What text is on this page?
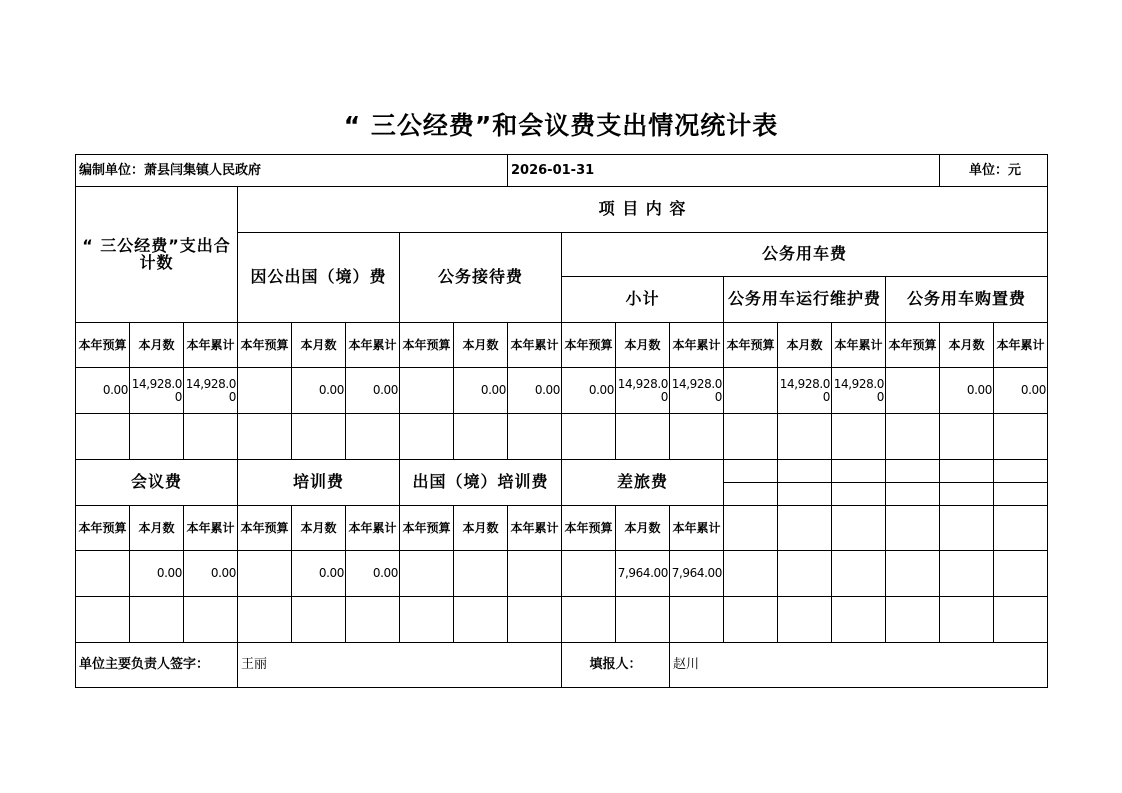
“ 三公经费”和会议费支出情况统计表
编制单位：萧县闫集镇人民政府								2026-01-31								单位：元	
“ 三公经费”支出合计数			项 目 内 容														
			因公出国（境）费			公务接待费			公务用车费								
									小计			公务用车运行维护费			公务用车购置费		
本年预算	本月数	本年累计	本年预算	本月数	本年累计	本年预算	本月数	本年累计	本年预算	本月数	本年累计	本年预算	本月数	本年累计	本年预算	本月数	本年累计
0.00	14,928.00	14,928.00		0.00	0.00		0.00	0.00	0.00	14,928.00	14,928.00		14,928.00	14,928.00		0.00	0.00

会议费			培训费			出国（境）培训费			差旅费								

本年预算	本月数	本年累计	本年预算	本月数	本年累计	本年预算	本月数	本年累计	本年预算	本月数	本年累计						
	0.00	0.00		0.00	0.00					7,964.00	7,964.00						

单位主要负责人签字：			王丽						填报人：		赵川						
